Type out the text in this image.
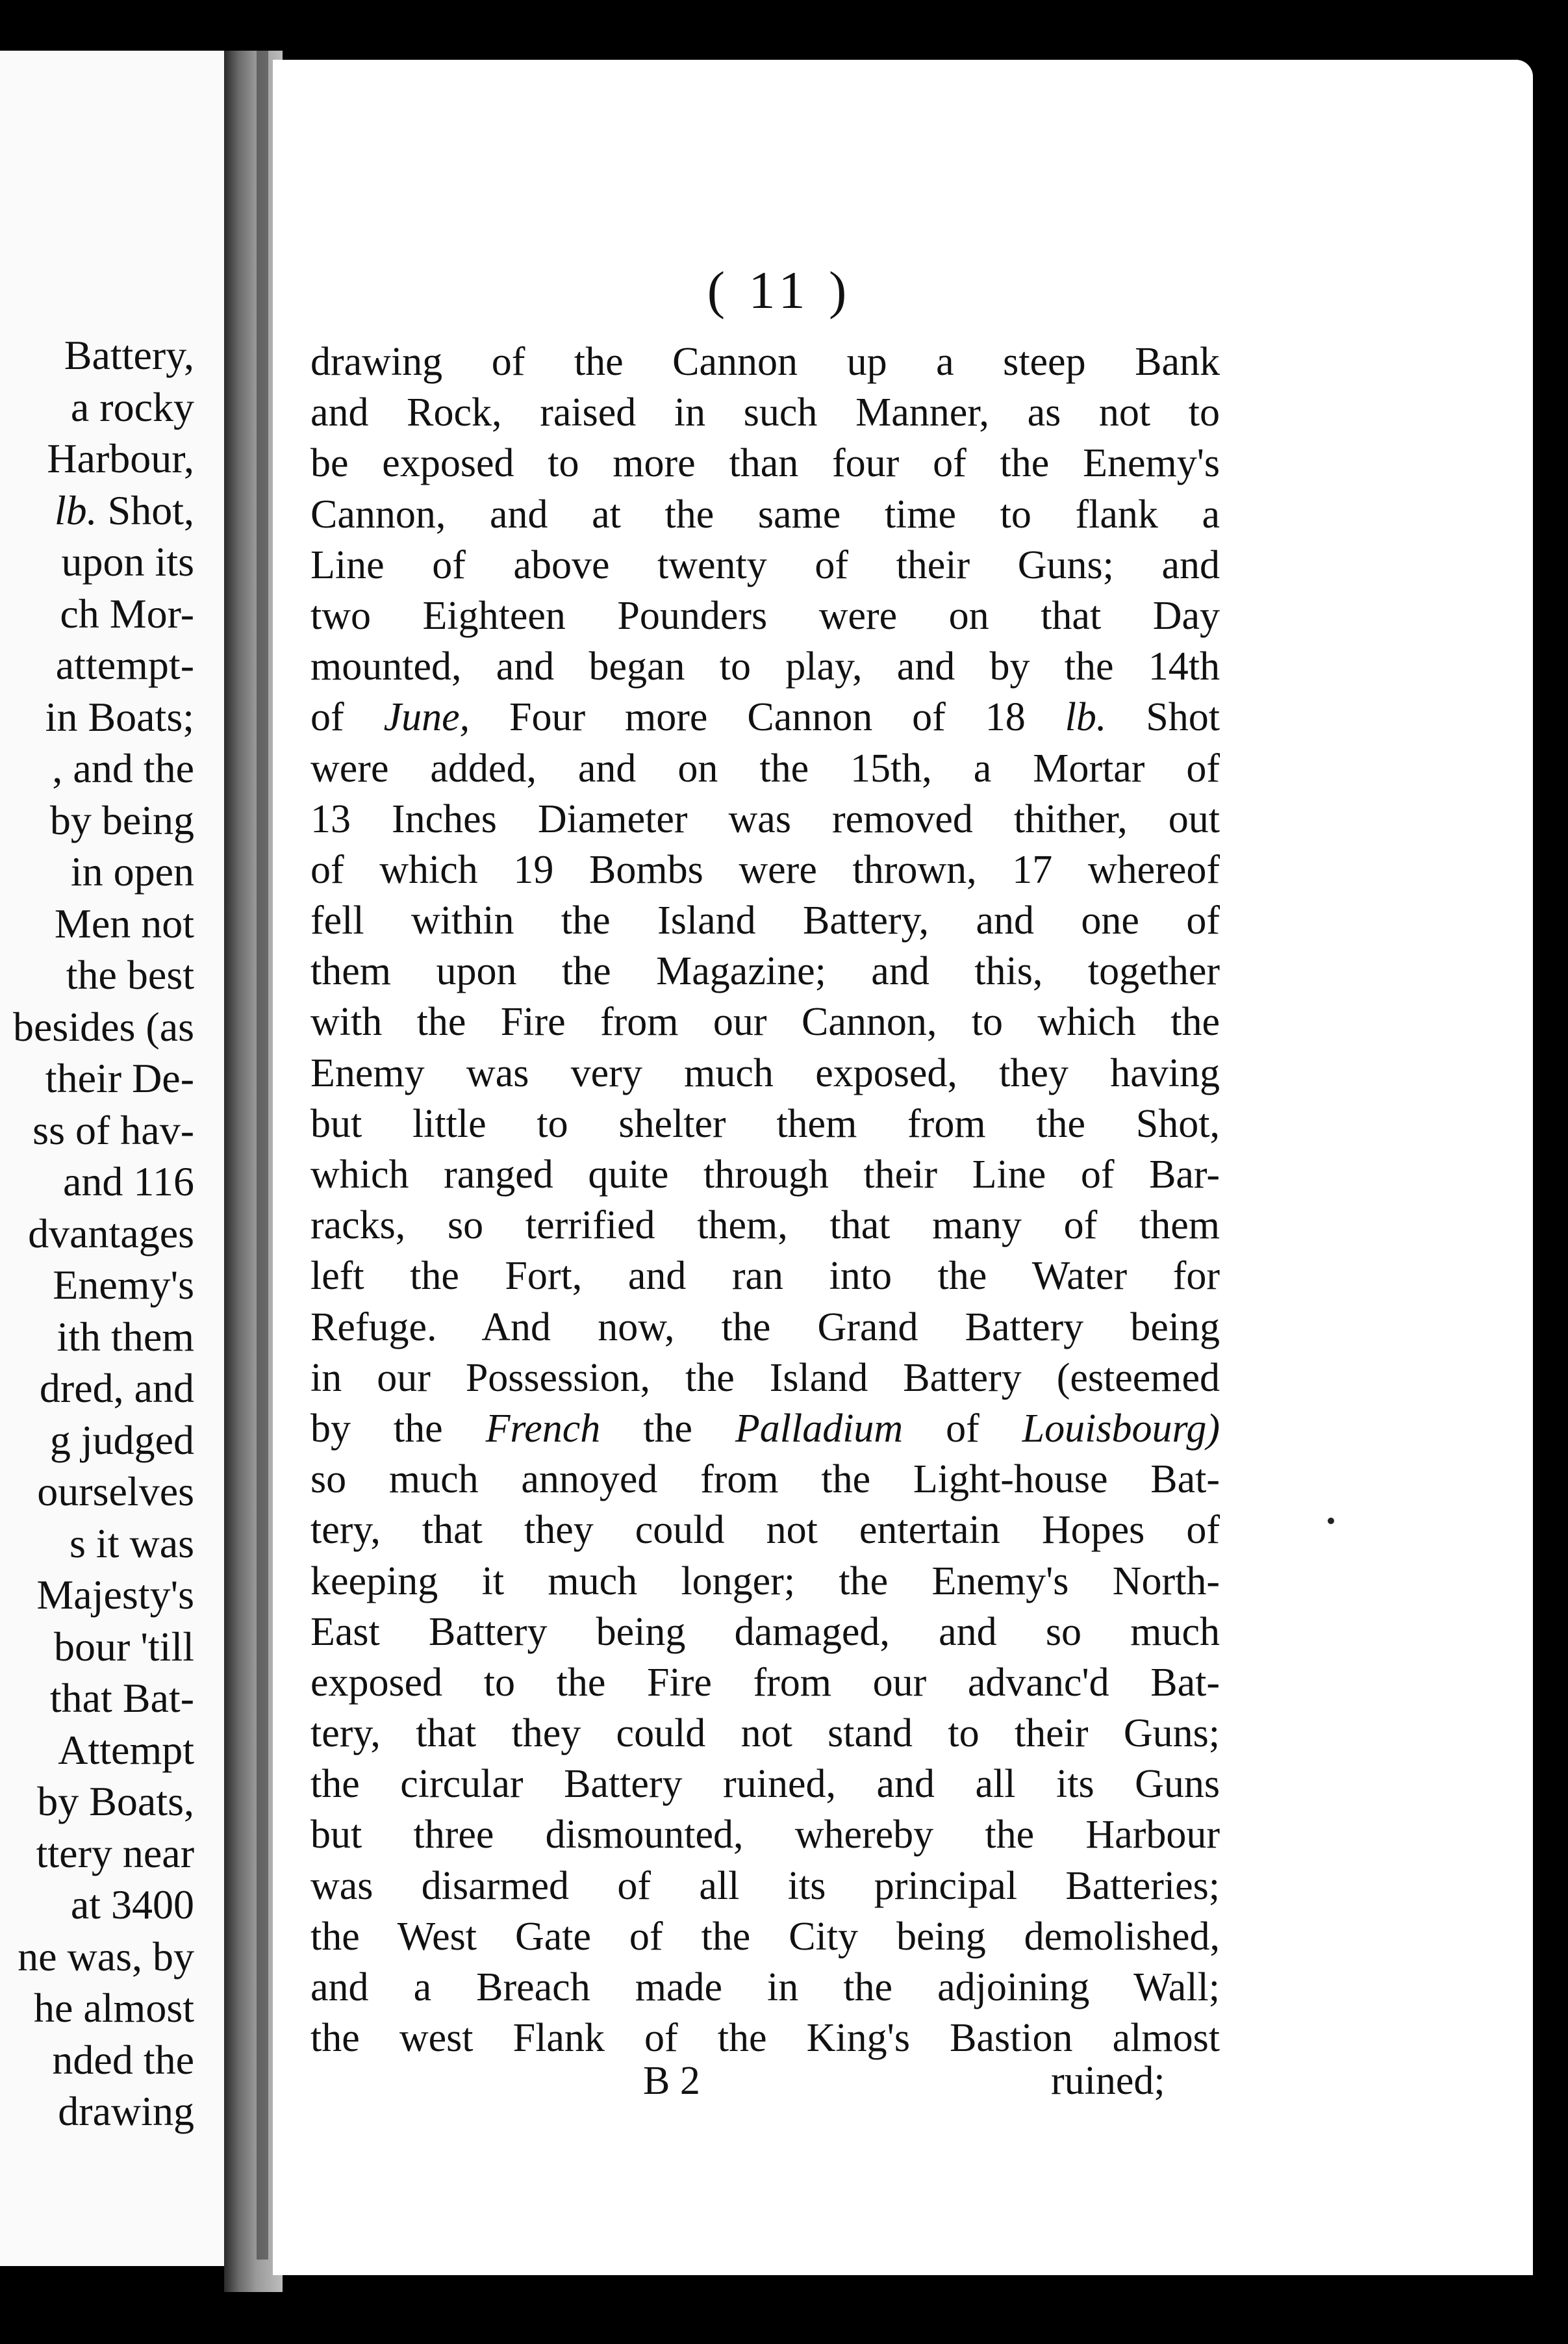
Battery,
a rocky
Harbour,
lb. Shot,
upon its
ch Mor-
attempt-
in Boats;
, and the
by being
in open
Men not
the best
besides (as
their De-
ss of hav-
and 116
dvantages
Enemy's
ith them
dred, and
g judged
ourselves
s it was
Majesty's
bour 'till
that Bat-
Attempt
by Boats,
ttery near
at 3400
ne was, by
he almost
nded the
drawing
( 11 )
drawing of the Cannon up a steep Bank
and Rock, raised in such Manner, as not to
be exposed to more than four of the Enemy's
Cannon, and at the same time to flank a
Line of above twenty of their Guns; and
two Eighteen Pounders were on that Day
mounted, and began to play, and by the 14th
of June, Four more Cannon of 18 lb. Shot
were added, and on the 15th, a Mortar of
13 Inches Diameter was removed thither, out
of which 19 Bombs were thrown, 17 whereof
fell within the Island Battery, and one of
them upon the Magazine; and this, together
with the Fire from our Cannon, to which the
Enemy was very much exposed, they having
but little to shelter them from the Shot,
which ranged quite through their Line of Bar-
racks, so terrified them, that many of them
left the Fort, and ran into the Water for
Refuge. And now, the Grand Battery being
in our Possession, the Island Battery (esteemed
by the French the Palladium of Louisbourg)
so much annoyed from the Light-house Bat-
tery, that they could not entertain Hopes of
keeping it much longer; the Enemy's North-
East Battery being damaged, and so much
exposed to the Fire from our advanc'd Bat-
tery, that they could not stand to their Guns;
the circular Battery ruined, and all its Guns
but three dismounted, whereby the Harbour
was disarmed of all its principal Batteries;
the West Gate of the City being demolished,
and a Breach made in the adjoining Wall;
the west Flank of the King's Bastion almost
B 2	ruined;
